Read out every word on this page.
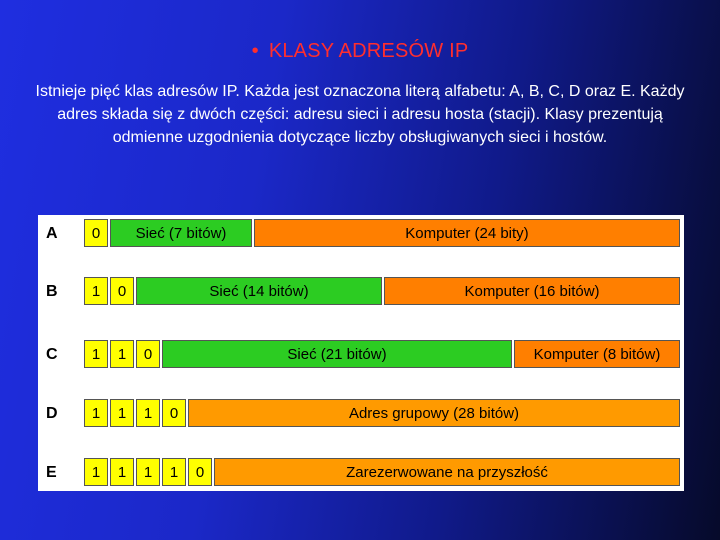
• KLASY ADRESÓW IP
Istnieje pięć klas adresów IP. Każda jest oznaczona literą alfabetu: A, B, C, D oraz E. Każdy adres składa się z dwóch części: adresu sieci i adresu hosta (stacji). Klasy prezentują odmienne uzgodnienia dotyczące liczby obsługiwanych sieci i hostów.
A	0	Sieć (7 bitów)	Komputer (24 bity)
B	1	0	Sieć (14 bitów)	Komputer (16 bitów)
C	1	1	0	Sieć (21 bitów)	Komputer (8 bitów)
D	1	1	1	0	Adres grupowy (28 bitów)
E	1	1	1	1	0	Zarezerwowane na przyszłość
